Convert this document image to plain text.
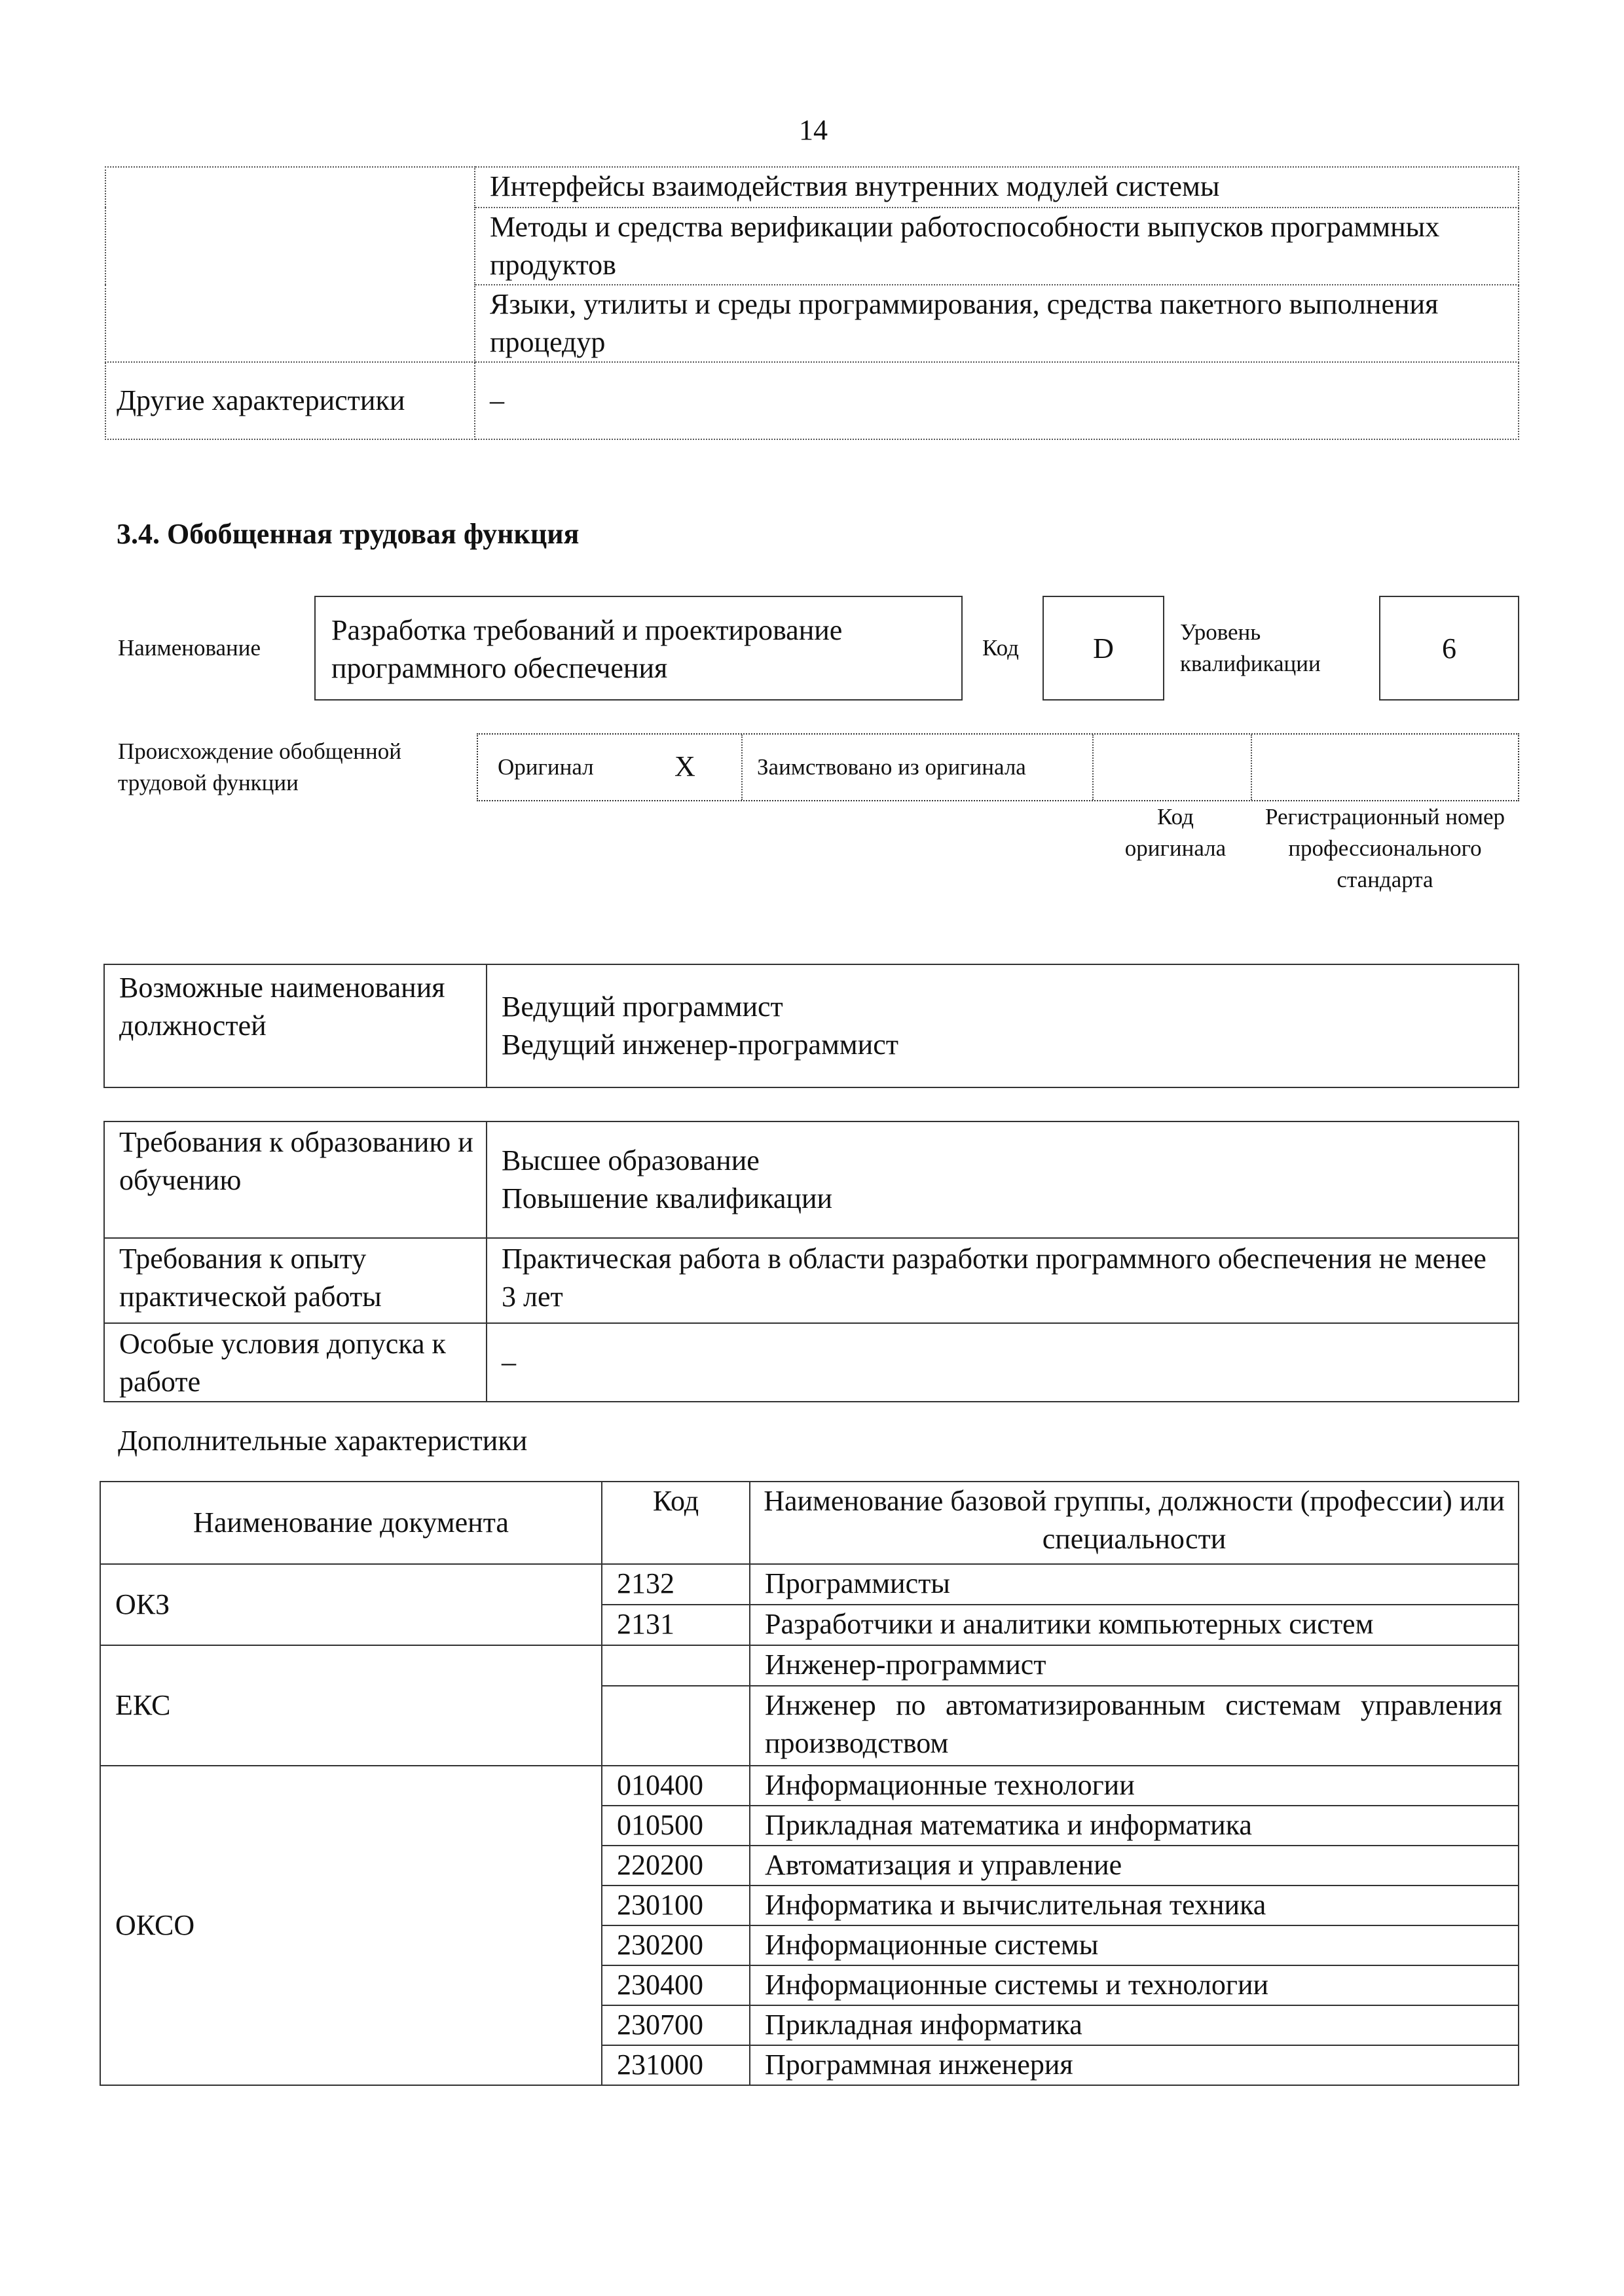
14
	Интерфейсы взаимодействия внутренних модулей системы
	Методы и средства верификации работоспособности выпусков программных продуктов
	Языки, утилиты и среды программирования, средства пакетного выполнения процедур
Другие характеристики	–
3.4. Обобщенная трудовая функция
Наименование
Разработка требований и проектирование программного обеспечения
Код	D
Уровень квалификации	6
Происхождение обобщенной трудовой функции
Оригинал	X	Заимствовано из оригинала
Код оригинала
Регистрационный номер профессионального стандарта
Возможные наименования должностей	
Ведущий программист
Ведущий инженер-программист
Требования к образованию и обучению	Высшее образование
Повышение квалификации
Требования к опыту практической работы	Практическая работа в области разработки программного обеспечения не менее 3 лет
Особые условия допуска к работе	–
Дополнительные характеристики
Наименование документа	Код	Наименование базовой группы, должности (профессии) или специальности
ОКЗ	2132	Программисты
	2131	Разработчики и аналитики компьютерных систем
ЕКС		Инженер-программист
		Инженер по автоматизированным системам управления производством
ОКСО	010400	Информационные технологии
	010500	Прикладная математика и информатика
	220200	Автоматизация и управление
	230100	Информатика и вычислительная техника
	230200	Информационные системы
	230400	Информационные системы и технологии
	230700	Прикладная информатика
	231000	Программная инженерия
